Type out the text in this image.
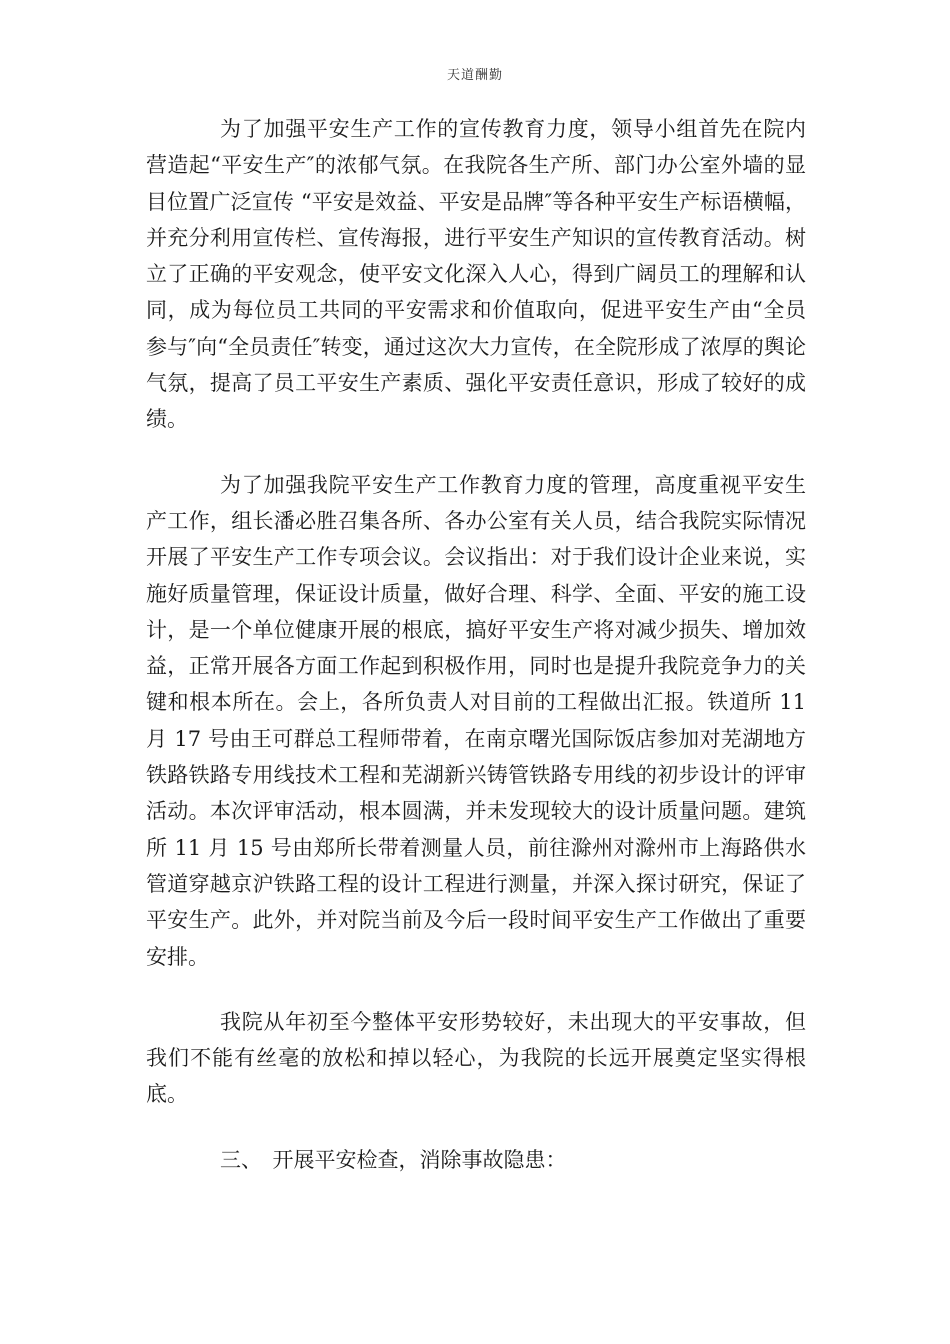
天道酬勤

为了加强平安生产工作的宣传教育力度，领导小组首先在院内营造起“平安生产″的浓郁气氛。在我院各生产所、部门办公室外墙的显目位置广泛宣传 “平安是效益、平安是品牌″等各种平安生产标语横幅，并充分利用宣传栏、宣传海报，进行平安生产知识的宣传教育活动。树立了正确的平安观念，使平安文化深入人心，得到广阔员工的理解和认同，成为每位员工共同的平安需求和价值取向，促进平安生产由“全员参与″向“全员责任″转变，通过这次大力宣传，在全院形成了浓厚的舆论气氛，提高了员工平安生产素质、强化平安责任意识，形成了较好的成绩。

为了加强我院平安生产工作教育力度的管理，高度重视平安生产工作，组长潘必胜召集各所、各办公室有关人员，结合我院实际情况开展了平安生产工作专项会议。会议指出：对于我们设计企业来说，实施好质量管理，保证设计质量，做好合理、科学、全面、平安的施工设计，是一个单位健康开展的根底，搞好平安生产将对减少损失、增加效益，正常开展各方面工作起到积极作用，同时也是提升我院竞争力的关键和根本所在。会上，各所负责人对目前的工程做出汇报。铁道所 11 月 17 号由王可群总工程师带着，在南京曙光国际饭店参加对芜湖地方铁路铁路专用线技术工程和芜湖新兴铸管铁路专用线的初步设计的评审活动。本次评审活动，根本圆满，并未发现较大的设计质量问题。建筑所 11 月 15 号由郑所长带着测量人员，前往滁州对滁州市上海路供水管道穿越京沪铁路工程的设计工程进行测量，并深入探讨研究，保证了平安生产。此外，并对院当前及今后一段时间平安生产工作做出了重要安排。

我院从年初至今整体平安形势较好，未出现大的平安事故，但我们不能有丝毫的放松和掉以轻心，为我院的长远开展奠定坚实得根底。

三、　开展平安检查，消除事故隐患：
